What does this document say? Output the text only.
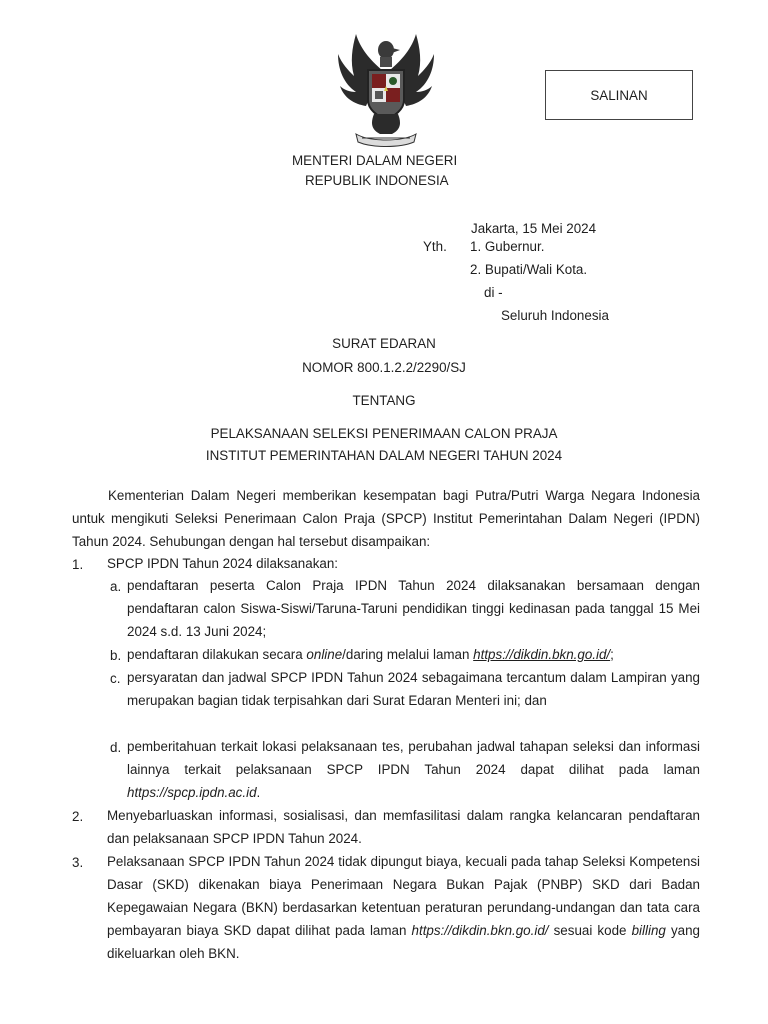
SALINAN
MENTERI DALAM NEGERI
REPUBLIK INDONESIA
Jakarta, 15 Mei 2024
Yth. 1. Gubernur.
2. Bupati/Wali Kota.
di -
Seluruh Indonesia
SURAT EDARAN
NOMOR 800.1.2.2/2290/SJ
TENTANG
PELAKSANAAN SELEKSI PENERIMAAN CALON PRAJA
INSTITUT PEMERINTAHAN DALAM NEGERI TAHUN 2024
Kementerian Dalam Negeri memberikan kesempatan bagi Putra/Putri Warga Negara Indonesia untuk mengikuti Seleksi Penerimaan Calon Praja (SPCP) Institut Pemerintahan Dalam Negeri (IPDN) Tahun 2024. Sehubungan dengan hal tersebut disampaikan:
1. SPCP IPDN Tahun 2024 dilaksanakan:
a. pendaftaran peserta Calon Praja IPDN Tahun 2024 dilaksanakan bersamaan dengan pendaftaran calon Siswa-Siswi/Taruna-Taruni pendidikan tinggi kedinasan pada tanggal 15 Mei 2024 s.d. 13 Juni 2024;
b. pendaftaran dilakukan secara online/daring melalui laman https://dikdin.bkn.go.id/;
c. persyaratan dan jadwal SPCP IPDN Tahun 2024 sebagaimana tercantum dalam Lampiran yang merupakan bagian tidak terpisahkan dari Surat Edaran Menteri ini; dan
d. pemberitahuan terkait lokasi pelaksanaan tes, perubahan jadwal tahapan seleksi dan informasi lainnya terkait pelaksanaan SPCP IPDN Tahun 2024 dapat dilihat pada laman https://spcp.ipdn.ac.id.
2. Menyebarluaskan informasi, sosialisasi, dan memfasilitasi dalam rangka kelancaran pendaftaran dan pelaksanaan SPCP IPDN Tahun 2024.
3. Pelaksanaan SPCP IPDN Tahun 2024 tidak dipungut biaya, kecuali pada tahap Seleksi Kompetensi Dasar (SKD) dikenakan biaya Penerimaan Negara Bukan Pajak (PNBP) SKD dari Badan Kepegawaian Negara (BKN) berdasarkan ketentuan peraturan perundang-undangan dan tata cara pembayaran biaya SKD dapat dilihat pada laman https://dikdin.bkn.go.id/ sesuai kode billing yang dikeluarkan oleh BKN.
